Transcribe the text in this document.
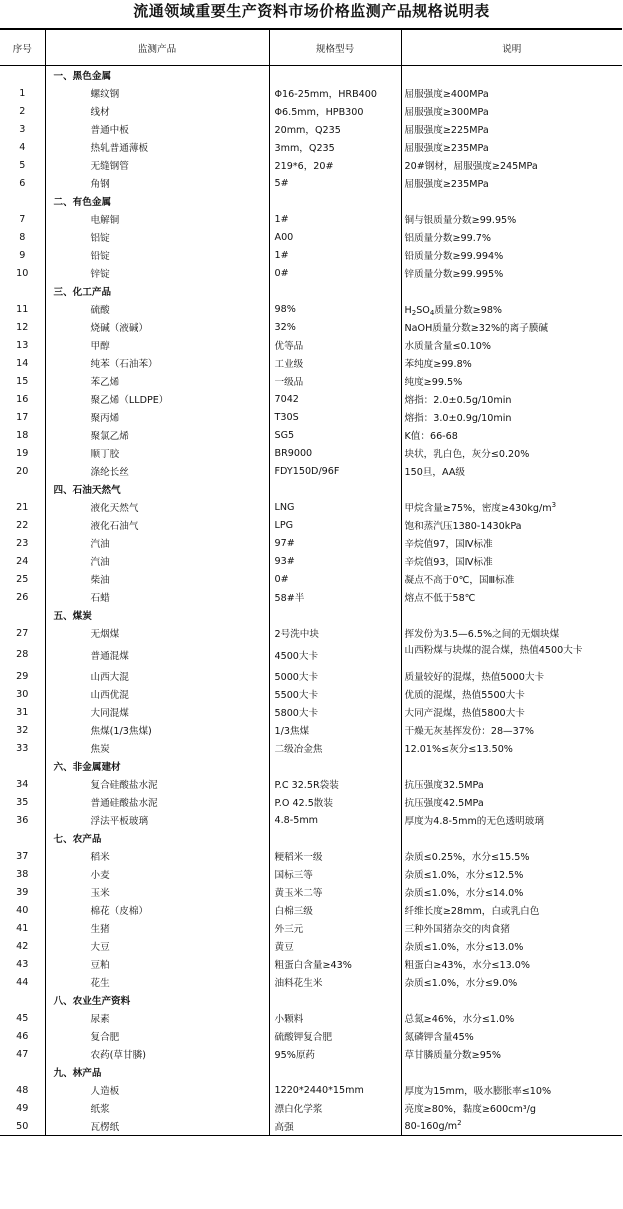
流通领域重要生产资料市场价格监测产品规格说明表
序号	监测产品	规格型号	说明
	一、黑色金属		
1	螺纹钢	Φ16-25mm，HRB400	屈服强度≥400MPa
2	线材	Φ6.5mm，HPB300	屈服强度≥300MPa
3	普通中板	20mm，Q235	屈服强度≥225MPa
4	热轧普通薄板	3mm，Q235	屈服强度≥235MPa
5	无缝钢管	219*6，20#	20#钢材，屈服强度≥245MPa
6	角钢	5#	屈服强度≥235MPa
	二、有色金属		
7	电解铜	1#	铜与银质量分数≥99.95%
8	铝锭	A00	铝质量分数≥99.7%
9	铅锭	1#	铅质量分数≥99.994%
10	锌锭	0#	锌质量分数≥99.995%
	三、化工产品		
11	硫酸	98%	$H_2SO_4$质量分数≥98%
12	烧碱（液碱）	32%	NaOH质量分数≥32%的离子膜碱
13	甲醇	优等品	水质量含量≤0.10%
14	纯苯（石油苯）	工业级	苯纯度≥99.8%
15	苯乙烯	一级品	纯度≥99.5%
16	聚乙烯（LLDPE）	7042	熔指：2.0±0.5g/10min
17	聚丙烯	T30S	熔指：3.0±0.9g/10min
18	聚氯乙烯	SG5	K值：66-68
19	顺丁胶	BR9000	块状，乳白色，灰分≤0.20%
20	涤纶长丝	FDY150D/96F	150旦，AA级
	四、石油天然气		
21	液化天然气	LNG	甲烷含量≥75%，密度$\ge 430kg/m^3$
22	液化石油气	LPG	饱和蒸汽压1380-1430kPa
23	汽油	97#	辛烷值97，国Ⅳ标准
24	汽油	93#	辛烷值93，国Ⅳ标准
25	柴油	0#	凝点不高于0℃，国Ⅲ标准
26	石蜡	58#半	熔点不低于58℃
	五、煤炭		
27	无烟煤	2号洗中块	挥发份为3.5—6.5%之间的无烟块煤
28	普通混煤	4500大卡	山西粉煤与块煤的混合煤，热值4500大卡
29	山西大混	5000大卡	质量较好的混煤，热值5000大卡
30	山西优混	5500大卡	优质的混煤，热值5500大卡
31	大同混煤	5800大卡	大同产混煤，热值5800大卡
32	焦煤(1/3焦煤)	1/3焦煤	干燥无灰基挥发份：28—37%
33	焦炭	二级冶金焦	12.01%≤灰分≤13.50%
	六、非金属建材		
34	复合硅酸盐水泥	P.C 32.5R袋装	抗压强度32.5MPa
35	普通硅酸盐水泥	P.O 42.5散装	抗压强度42.5MPa
36	浮法平板玻璃	4.8-5mm	厚度为4.8-5mm的无色透明玻璃
	七、农产品		
37	稻米	粳稻米一级	杂质≤0.25%，水分≤15.5%
38	小麦	国标三等	杂质≤1.0%，水分≤12.5%
39	玉米	黄玉米二等	杂质≤1.0%，水分≤14.0%
40	棉花（皮棉）	白棉三级	纤维长度≥28mm，白或乳白色
41	生猪	外三元	三种外国猪杂交的肉食猪
42	大豆	黄豆	杂质≤1.0%，水分≤13.0%
43	豆粕	粗蛋白含量≥43%	粗蛋白≥43%，水分≤13.0%
44	花生	油料花生米	杂质≤1.0%，水分≤9.0%
	八、农业生产资料		
45	尿素	小颗料	总氮≥46%，水分≤1.0%
46	复合肥	硫酸钾复合肥	氮磷钾含量45%
47	农药(草甘膦)	95%原药	草甘膦质量分数≥95%
	九、林产品		
48	人造板	1220*2440*15mm	厚度为15mm，吸水膨胀率≤10%
49	纸浆	漂白化学浆	亮度≥80%，黏度≥600cm³/g
50	瓦楞纸	高强	$80-160g/m^2$
